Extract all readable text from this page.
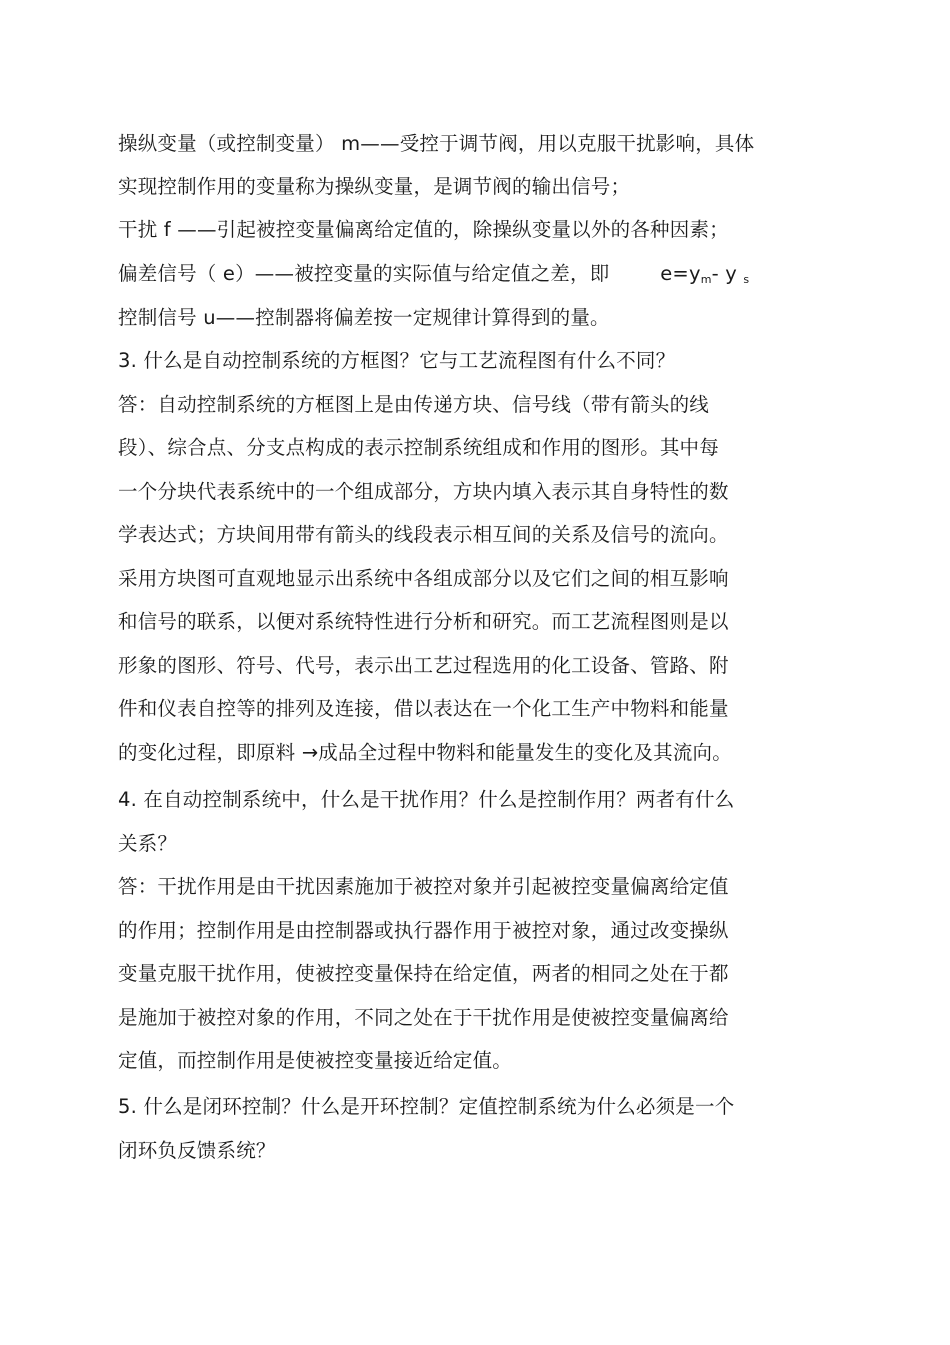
操纵变量（或控制变量） m——受控于调节阀，用以克服干扰影响，具体
实现控制作用的变量称为操纵变量，是调节阀的输出信号；
干扰 f ——引起被控变量偏离给定值的，除操纵变量以外的各种因素；
偏差信号（ e）——被控变量的实际值与给定值之差，即	$e=y_m-$ y $_s$
控制信号 u——控制器将偏差按一定规律计算得到的量。
3. 什么是自动控制系统的方框图？它与工艺流程图有什么不同？
答：自动控制系统的方框图上是由传递方块、信号线（带有箭头的线
段）、综合点、分支点构成的表示控制系统组成和作用的图形。其中每
一个分块代表系统中的一个组成部分，方块内填入表示其自身特性的数
学表达式；方块间用带有箭头的线段表示相互间的关系及信号的流向。
采用方块图可直观地显示出系统中各组成部分以及它们之间的相互影响
和信号的联系，以便对系统特性进行分析和研究。而工艺流程图则是以
形象的图形、符号、代号，表示出工艺过程选用的化工设备、管路、附
件和仪表自控等的排列及连接，借以表达在一个化工生产中物料和能量
的变化过程，即原料 →成品全过程中物料和能量发生的变化及其流向。
4. 在自动控制系统中，什么是干扰作用？什么是控制作用？两者有什么
关系？
答：干扰作用是由干扰因素施加于被控对象并引起被控变量偏离给定值
的作用；控制作用是由控制器或执行器作用于被控对象，通过改变操纵
变量克服干扰作用，使被控变量保持在给定值，两者的相同之处在于都
是施加于被控对象的作用，不同之处在于干扰作用是使被控变量偏离给
定值，而控制作用是使被控变量接近给定值。
5. 什么是闭环控制？什么是开环控制？定值控制系统为什么必须是一个
闭环负反馈系统？
